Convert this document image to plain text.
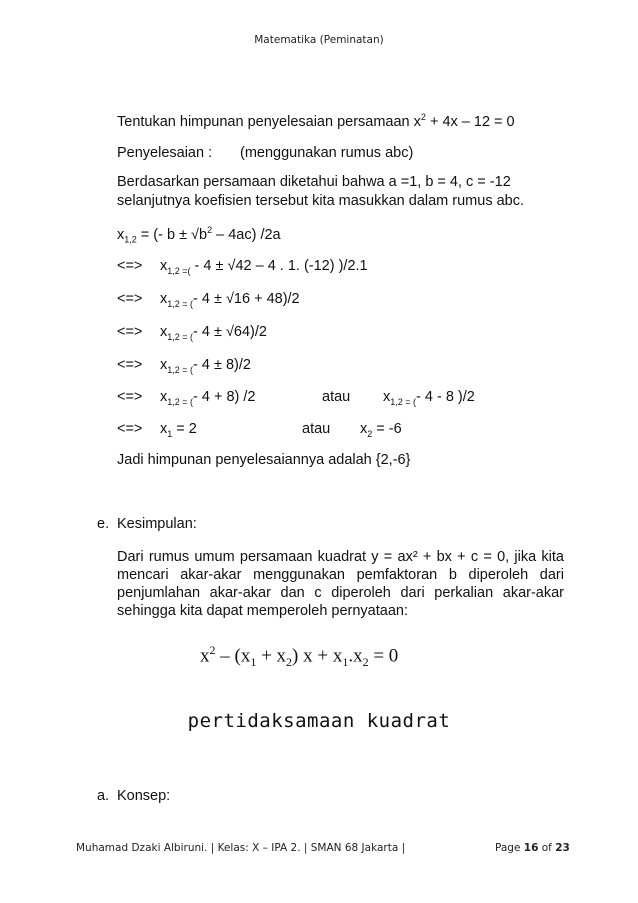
Matematika (Peminatan)
Tentukan himpunan penyelesaian persamaan $x^2 + 4x - 12 = 0$
Penyelesaian : (menggunakan rumus abc)
Berdasarkan persamaan diketahui bahwa a =1, b = 4, c = -12
selanjutnya koefisien tersebut kita masukkan dalam rumus abc.
$x_{1,2}$ = (- $b \pm √b^2 - 4ac$) /2a
<=> $x_{1,2 =(} - 4 \pm √42 - 4$ . 1. (-12) )/2.1
<=> $x_{1,2 = (}-$ 4 ± √16 + 48)/2
<=> $x_{1,2 = (}-$ 4 ± √64)/2
<=> $x_{1,2 = (}-$ 4 ± 8)/2
<=> $x_{1,2 = (}-$ 4 + 8) /2	atau $x_{1,2 = (}-$ 4 - 8 )/2
<=> $x_1 = 2$	atau $x_2 = -6$
Jadi himpunan penyelesaiannya adalah {2,-6}
e. Kesimpulan:
Dari rumus umum persamaan kuadrat y = ax² + bx + c = 0, jika kita mencari akar-akar menggunakan pemfaktoran b diperoleh dari penjumlahan akar-akar dan c diperoleh dari perkalian akar-akar sehingga kita dapat memperoleh pernyataan:
$x^2 - (x_1 + x_2) x + x_1.x_2 = 0$
pertidaksamaan kuadrat
a. Konsep:
Muhamad Dzaki Albiruni. | Kelas: X – IPA 2. | SMAN 68 Jakarta |	Page 16 of 23
